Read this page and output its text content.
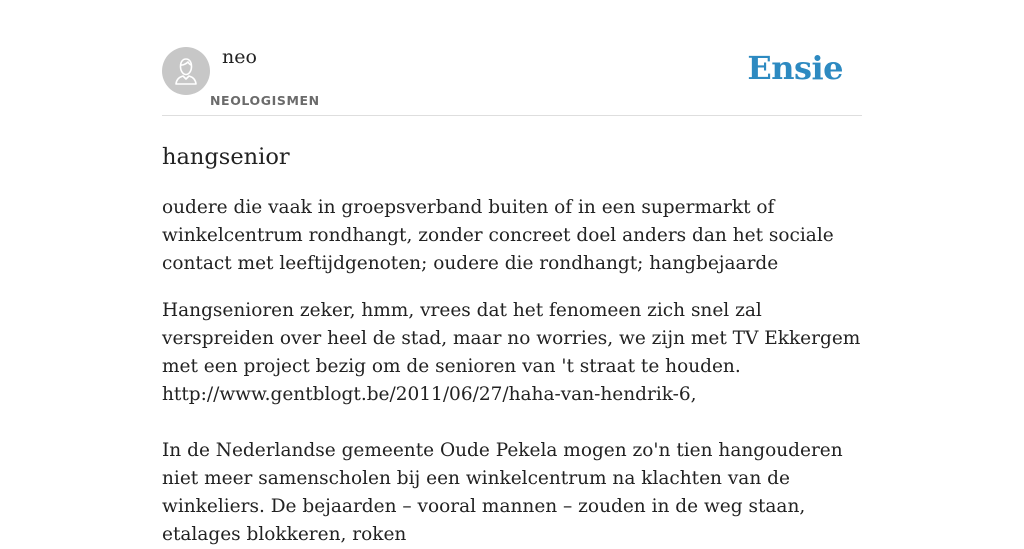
neo
NEOLOGISMEN
Ensie
hangsenior

oudere die vaak in groepsverband buiten of in een supermarkt of winkelcentrum rondhangt, zonder concreet doel anders dan het sociale contact met leeftijdgenoten; oudere die rondhangt; hangbejaarde

Hangsenioren zeker, hmm, vrees dat het fenomeen zich snel zal verspreiden over heel de stad, maar no worries, we zijn met TV Ekkergem met een project bezig om de senioren van 't straat te houden.
http://www.gentblogt.be/2011/06/27/haha-van-hendrik-6,
In de Nederlandse gemeente Oude Pekela mogen zo'n tien hangouderen niet meer samenscholen bij een winkelcentrum na klachten van de winkeliers. De bejaarden – vooral mannen – zouden in de weg staan, etalages blokkeren, roken
